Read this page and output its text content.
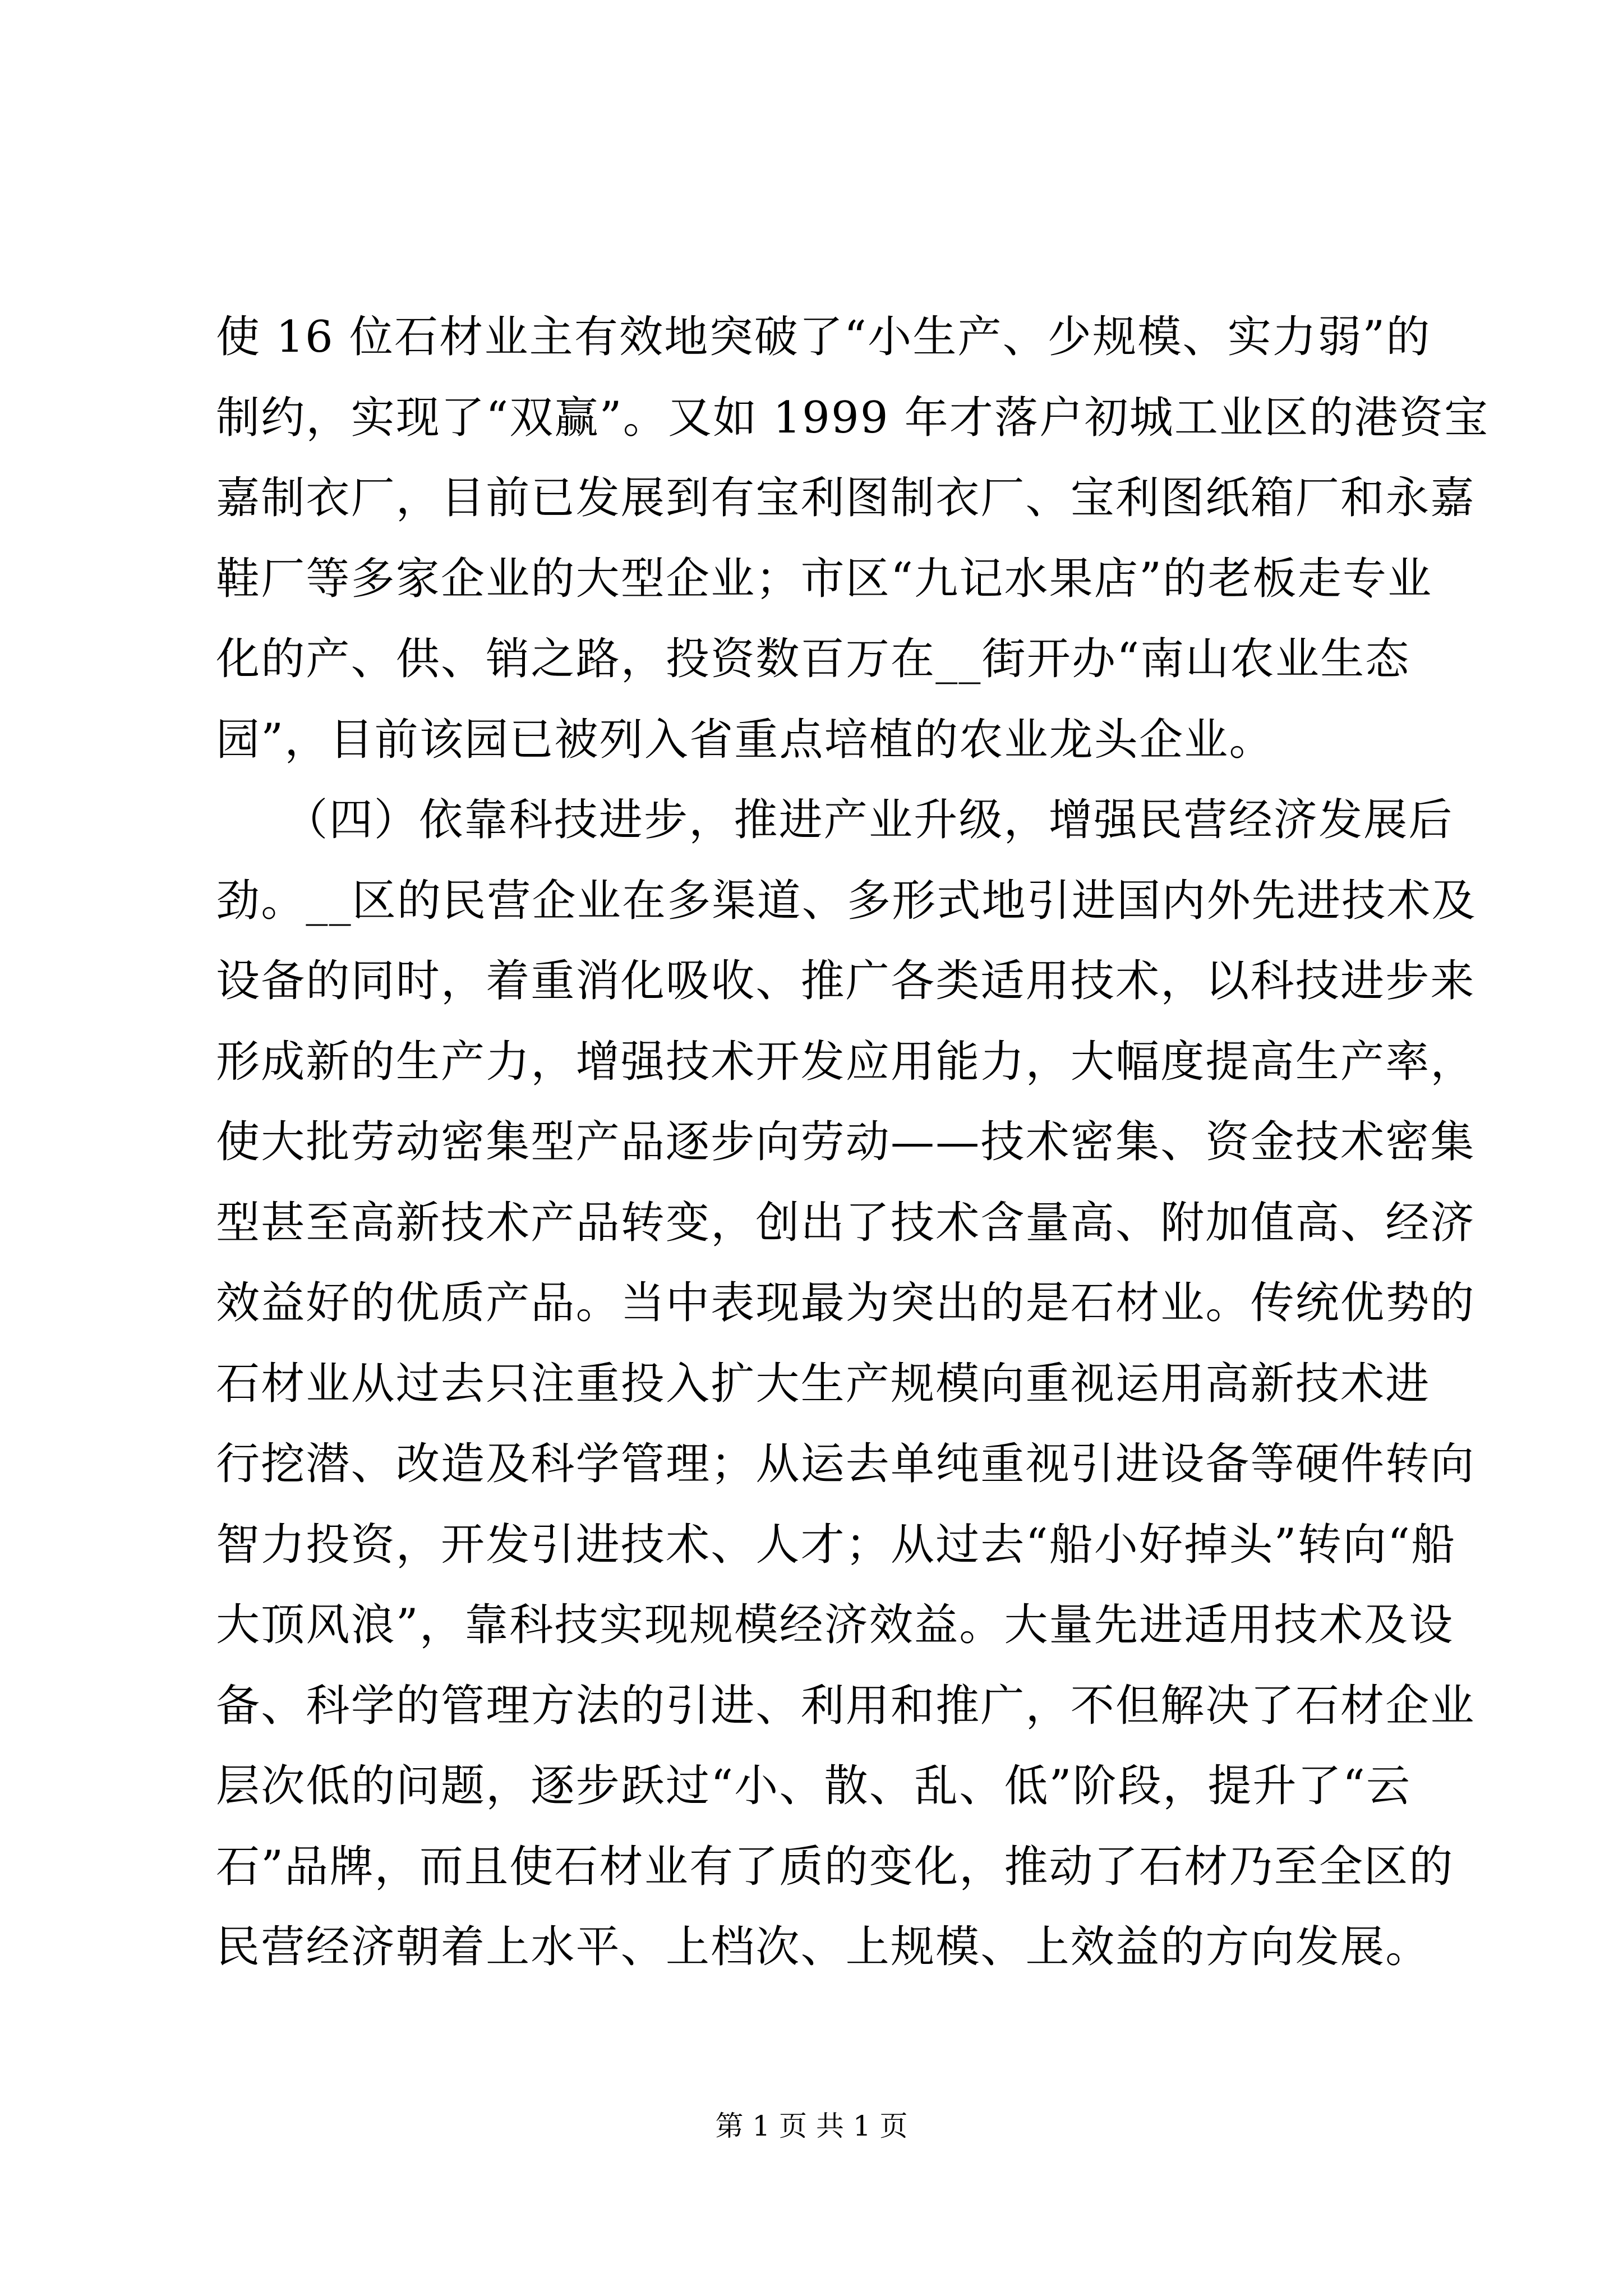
使 16 位石材业主有效地突破了“小生产、少规模、实力弱”的
制约，实现了“双赢”。又如 1999 年才落户初城工业区的港资宝
嘉制衣厂，目前已发展到有宝利图制衣厂、宝利图纸箱厂和永嘉
鞋厂等多家企业的大型企业；市区“九记水果店”的老板走专业
化的产、供、销之路，投资数百万在__街开办“南山农业生态
园”，目前该园已被列入省重点培植的农业龙头企业。
　　（四）依靠科技进步，推进产业升级，增强民营经济发展后
劲。__区的民营企业在多渠道、多形式地引进国内外先进技术及
设备的同时，着重消化吸收、推广各类适用技术，以科技进步来
形成新的生产力，增强技术开发应用能力，大幅度提高生产率，
使大批劳动密集型产品逐步向劳动——技术密集、资金技术密集
型甚至高新技术产品转变，创出了技术含量高、附加值高、经济
效益好的优质产品。当中表现最为突出的是石材业。传统优势的
石材业从过去只注重投入扩大生产规模向重视运用高新技术进
行挖潜、改造及科学管理；从运去单纯重视引进设备等硬件转向
智力投资，开发引进技术、人才；从过去“船小好掉头”转向“船
大顶风浪”，靠科技实现规模经济效益。大量先进适用技术及设
备、科学的管理方法的引进、利用和推广，不但解决了石材企业
层次低的问题，逐步跃过“小、散、乱、低”阶段，提升了“云
石”品牌，而且使石材业有了质的变化，推动了石材乃至全区的
民营经济朝着上水平、上档次、上规模、上效益的方向发展。
第 1 页 共 1 页
